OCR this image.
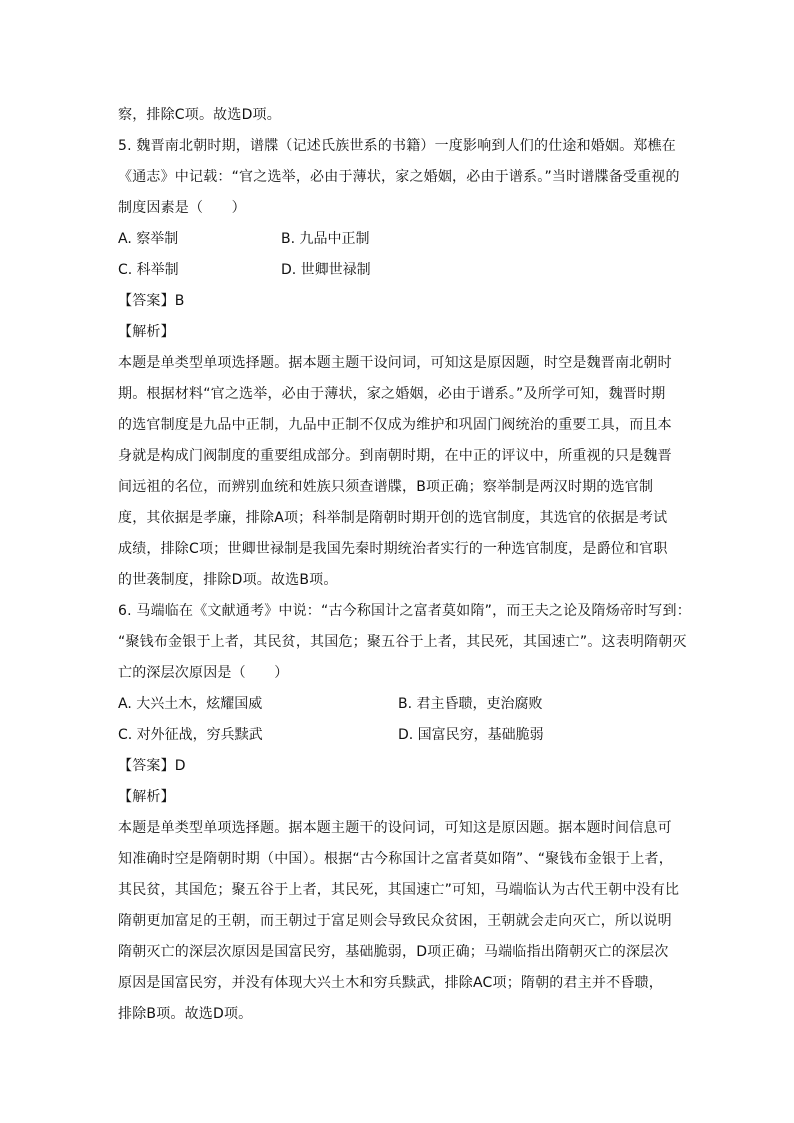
察，排除C项。故选D项。
5. 魏晋南北朝时期，谱牒（记述氏族世系的书籍）一度影响到人们的仕途和婚姻。郑樵在
《通志》中记载：“官之选举，必由于薄状，家之婚姻，必由于谱系。”当时谱牒备受重视的
制度因素是（　　）
A. 察举制	B. 九品中正制
C. 科举制	D. 世卿世禄制
【答案】B
【解析】
本题是单类型单项选择题。据本题主题干设问词，可知这是原因题，时空是魏晋南北朝时
期。根据材料“官之选举，必由于薄状，家之婚姻，必由于谱系。”及所学可知，魏晋时期
的选官制度是九品中正制，九品中正制不仅成为维护和巩固门阀统治的重要工具，而且本
身就是构成门阀制度的重要组成部分。到南朝时期，在中正的评议中，所重视的只是魏晋
间远祖的名位，而辨别血统和姓族只须查谱牒，B项正确；察举制是两汉时期的选官制
度，其依据是孝廉，排除A项；科举制是隋朝时期开创的选官制度，其选官的依据是考试
成绩，排除C项；世卿世禄制是我国先秦时期统治者实行的一种选官制度，是爵位和官职
的世袭制度，排除D项。故选B项。
6. 马端临在《文献通考》中说：“古今称国计之富者莫如隋”，而王夫之论及隋炀帝时写到：
“聚钱布金银于上者，其民贫，其国危；聚五谷于上者，其民死，其国速亡”。这表明隋朝灭
亡的深层次原因是（　　）
A. 大兴土木，炫耀国威	B. 君主昏聩，吏治腐败
C. 对外征战，穷兵黩武	D. 国富民穷，基础脆弱
【答案】D
【解析】
本题是单类型单项选择题。据本题主题干的设问词，可知这是原因题。据本题时间信息可
知准确时空是隋朝时期（中国）。根据“古今称国计之富者莫如隋”、“聚钱布金银于上者，
其民贫，其国危；聚五谷于上者，其民死，其国速亡”可知，马端临认为古代王朝中没有比
隋朝更加富足的王朝，而王朝过于富足则会导致民众贫困，王朝就会走向灭亡，所以说明
隋朝灭亡的深层次原因是国富民穷，基础脆弱，D项正确；马端临指出隋朝灭亡的深层次
原因是国富民穷，并没有体现大兴土木和穷兵黩武，排除AC项；隋朝的君主并不昏聩，
排除B项。故选D项。
